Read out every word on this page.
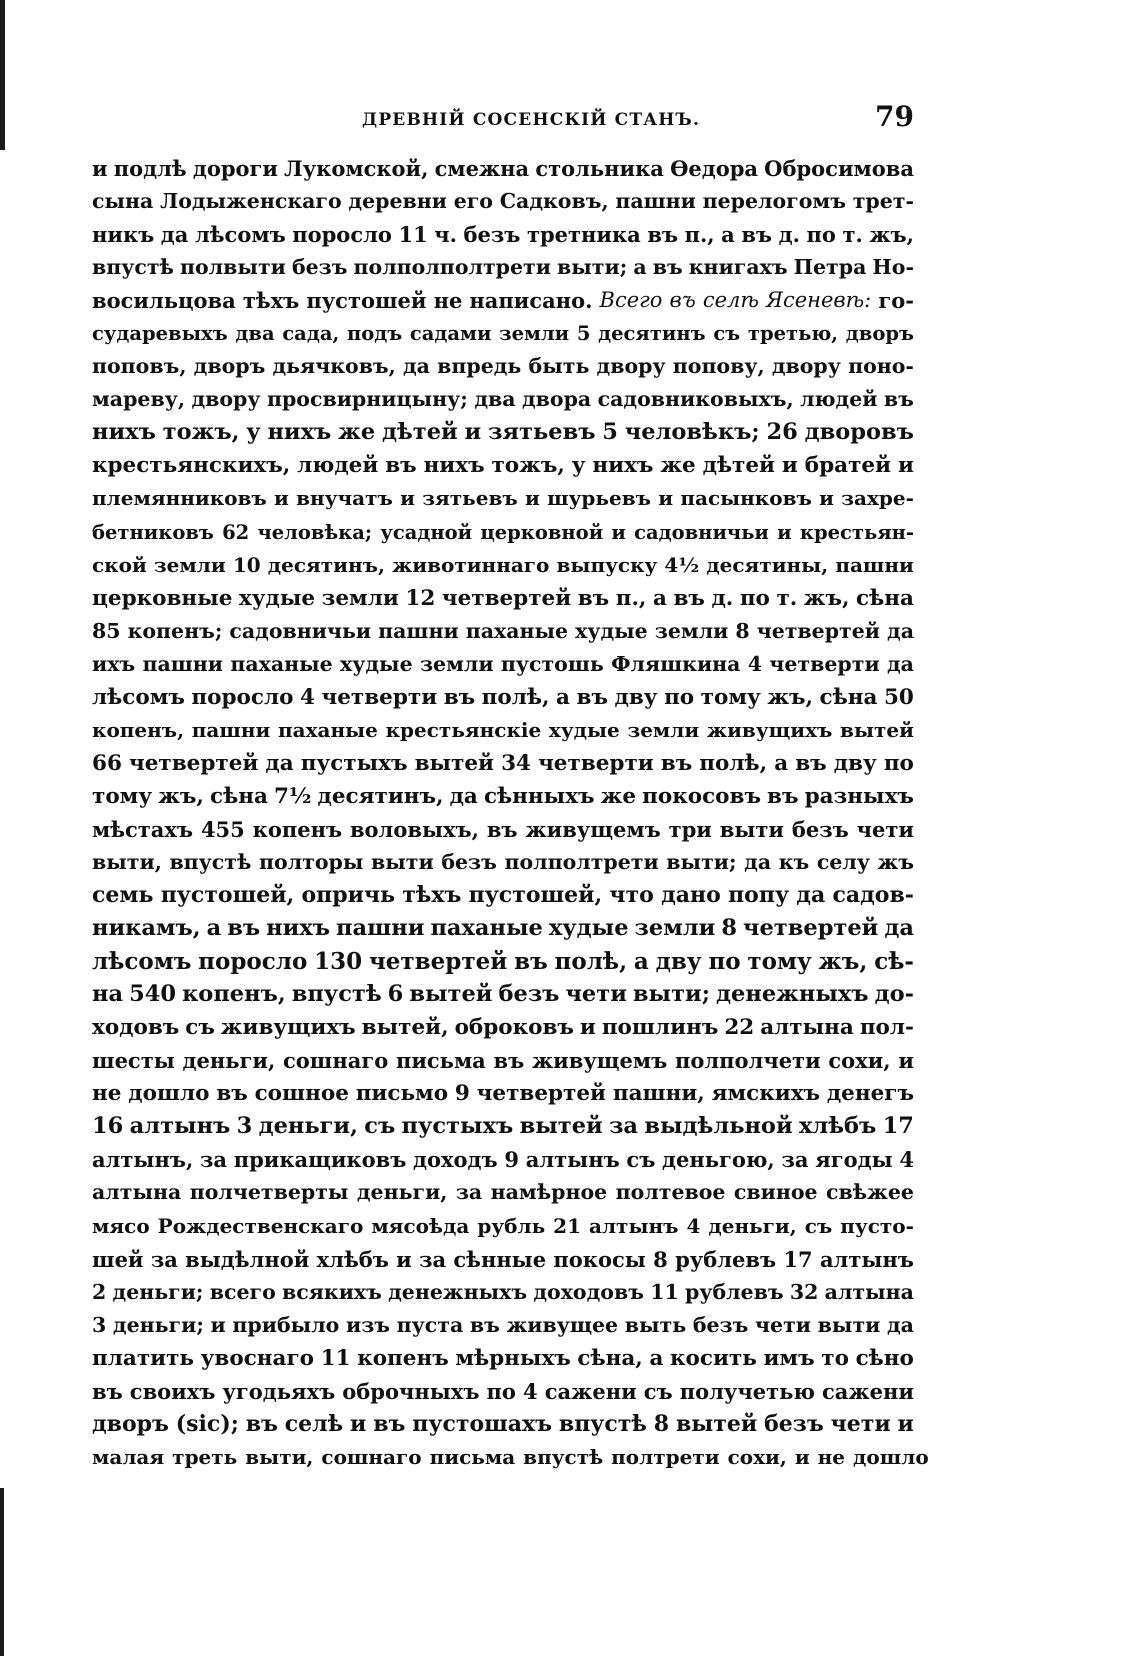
ДРЕВНІЙ СОСЕНСКІЙ СТАНЪ.	79
и подлѣ дороги Лукомской, смежна стольника Ѳедора Обросимова
сына Лодыженскаго деревни его Садковъ, пашни перелогомъ трет-
никъ да лѣсомъ поросло 11 ч. безъ третника въ п., а въ д. по т. жъ,
впустѣ полвыти безъ полполполтрети выти; а въ книгахъ Петра Но-
восильцова тѣхъ пустошей не написано. Всего въ селѣ Ясеневѣ: го-
сударевыхъ два сада, подъ садами земли 5 десятинъ съ третью, дворъ
поповъ, дворъ дьячковъ, да впредь быть двору попову, двору поно-
мареву, двору просвирницыну; два двора садовниковыхъ, людей въ
нихъ тожъ, у нихъ же дѣтей и зятьевъ 5 человѣкъ; 26 дворовъ
крестьянскихъ, людей въ нихъ тожъ, у нихъ же дѣтей и братей и
племянниковъ и внучатъ и зятьевъ и шурьевъ и пасынковъ и захре-
бетниковъ 62 человѣка; усадной церковной и садовничьи и крестьян-
ской земли 10 десятинъ, животиннаго выпуску 4½ десятины, пашни
церковные худые земли 12 четвертей въ п., а въ д. по т. жъ, сѣна
85 копенъ; садовничьи пашни паханые худые земли 8 четвертей да
ихъ пашни паханые худые земли пустошь Фляшкина 4 четверти да
лѣсомъ поросло 4 четверти въ полѣ, а въ дву по тому жъ, сѣна 50
копенъ, пашни паханые крестьянскіе худые земли живущихъ вытей
66 четвертей да пустыхъ вытей 34 четверти въ полѣ, а въ дву по
тому жъ, сѣна 7½ десятинъ, да сѣнныхъ же покосовъ въ разныхъ
мѣстахъ 455 копенъ воловыхъ, въ живущемъ три выти безъ чети
выти, впустѣ полторы выти безъ полполтрети выти; да къ селу жъ
семь пустошей, опричь тѣхъ пустошей, что дано попу да садов-
никамъ, а въ нихъ пашни паханые худые земли 8 четвертей да
лѣсомъ поросло 130 четвертей въ полѣ, а дву по тому жъ, сѣ-
на 540 копенъ, впустѣ 6 вытей безъ чети выти; денежныхъ до-
ходовъ съ живущихъ вытей, оброковъ и пошлинъ 22 алтына пол-
шесты деньги, сошнаго письма въ живущемъ полполчети сохи, и
не дошло въ сошное письмо 9 четвертей пашни, ямскихъ денегъ
16 алтынъ 3 деньги, съ пустыхъ вытей за выдѣльной хлѣбъ 17
алтынъ, за прикащиковъ доходъ 9 алтынъ съ деньгою, за ягоды 4
алтына полчетверты деньги, за намѣрное полтевое свиное свѣжее
мясо Рождественскаго мясоѣда рубль 21 алтынъ 4 деньги, съ пусто-
шей за выдѣлной хлѣбъ и за сѣнные покосы 8 рублевъ 17 алтынъ
2 деньги; всего всякихъ денежныхъ доходовъ 11 рублевъ 32 алтына
3 деньги; и прибыло изъ пуста въ живущее выть безъ чети выти да
платить увоснаго 11 копенъ мѣрныхъ сѣна, а косить имъ то сѣно
въ своихъ угодьяхъ оброчныхъ по 4 сажени съ получетью сажени
дворъ (sic); въ селѣ и въ пустошахъ впустѣ 8 вытей безъ чети и
малая треть выти, сошнаго письма впустѣ полтрети сохи, и не дошло
